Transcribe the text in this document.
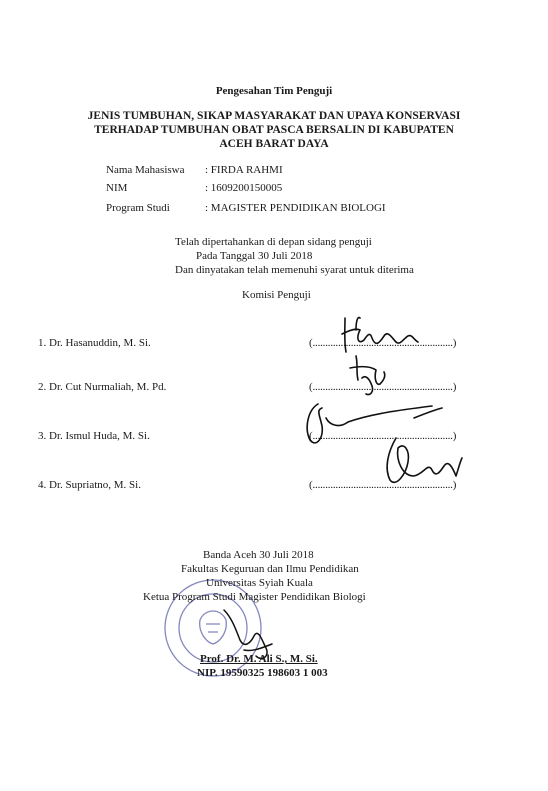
Pengesahan Tim Penguji
JENIS TUMBUHAN, SIKAP MASYARAKAT DAN UPAYA KONSERVASI
TERHADAP TUMBUHAN OBAT PASCA BERSALIN DI KABUPATEN
ACEH BARAT DAYA
Nama Mahasiswa : FIRDA RAHMI
NIM	: 1609200150005
Program Studi	: MAGISTER PENDIDIKAN BIOLOGI
Telah dipertahankan di depan sidang penguji
Pada Tanggal 30 Juli 2018
Dan dinyatakan telah memenuhi syarat untuk diterima
Komisi Penguji
1. Dr. Hasanuddin, M. Si.	(.......................................................)
2. Dr. Cut Nurmaliah, M. Pd.	(.......................................................)
3. Dr. Ismul Huda, M. Si.	(.......................................................)
4. Dr. Supriatno, M. Si.	(.......................................................)
Banda Aceh 30 Juli 2018
Fakultas Keguruan dan Ilmu Pendidikan
Universitas Syiah Kuala
Ketua Program Studi Magister Pendidikan Biologi
Prof. Dr. M. Ali S., M. Si.
NIP. 19590325 198603 1 003
